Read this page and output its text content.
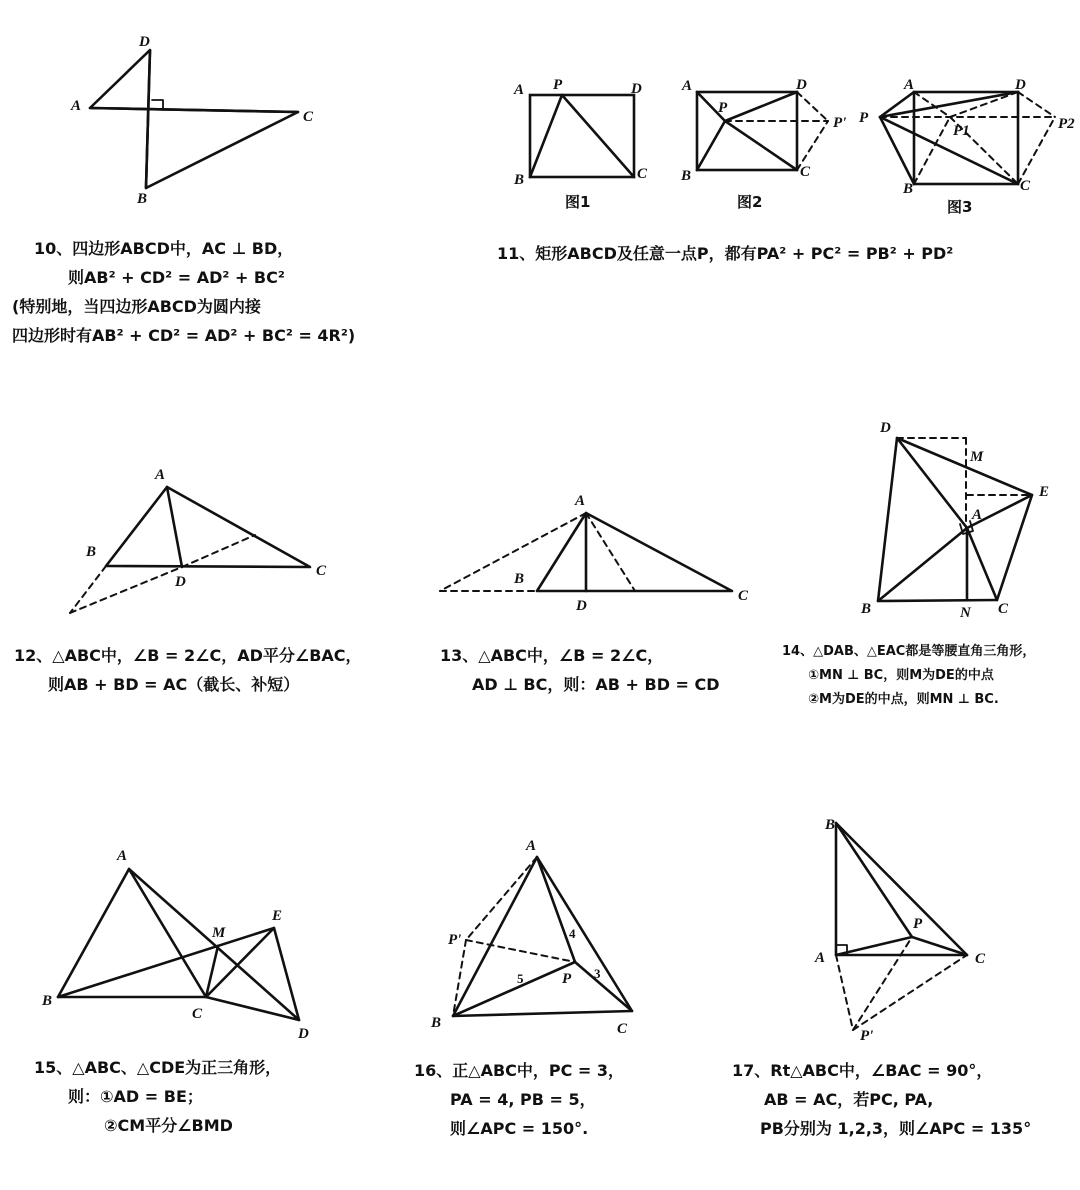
D
A
C
B
A P	D
B	C
图1
A
P
D
P'
B	C
图2
A	D
P
P1	P2
B	C
图3
A
B
D
C
A
B
D
C
D
M
E
A
B	N C
A
M
E
B
C
D
A
P'	4
5	P 3
B	C
B
P
A	C
P'
10、四边形ABCD中，AC ⊥ BD，
则AB² + CD² = AD² + BC²
(特别地，当四边形ABCD为圆内接
四边形时有AB² + CD² = AD² + BC² = 4R²)
11、矩形ABCD及任意一点P，都有PA² + PC² = PB² + PD²
12、△ABC中，∠B = 2∠C，AD平分∠BAC，
则AB + BD = AC（截长、补短）
13、△ABC中，∠B = 2∠C，
AD ⊥ BC，则：AB + BD = CD
14、△DAB、△EAC都是等腰直角三角形，
①MN ⊥ BC，则M为DE的中点
②M为DE的中点，则MN ⊥ BC.
15、△ABC、△CDE为正三角形，
则：①AD = BE；
②CM平分∠BMD
16、正△ABC中，PC = 3，
PA = 4, PB = 5，
则∠APC = 150°.
17、Rt△ABC中，∠BAC = 90°，
AB = AC，若PC, PA,
PB分别为 1,2,3，则∠APC = 135°
